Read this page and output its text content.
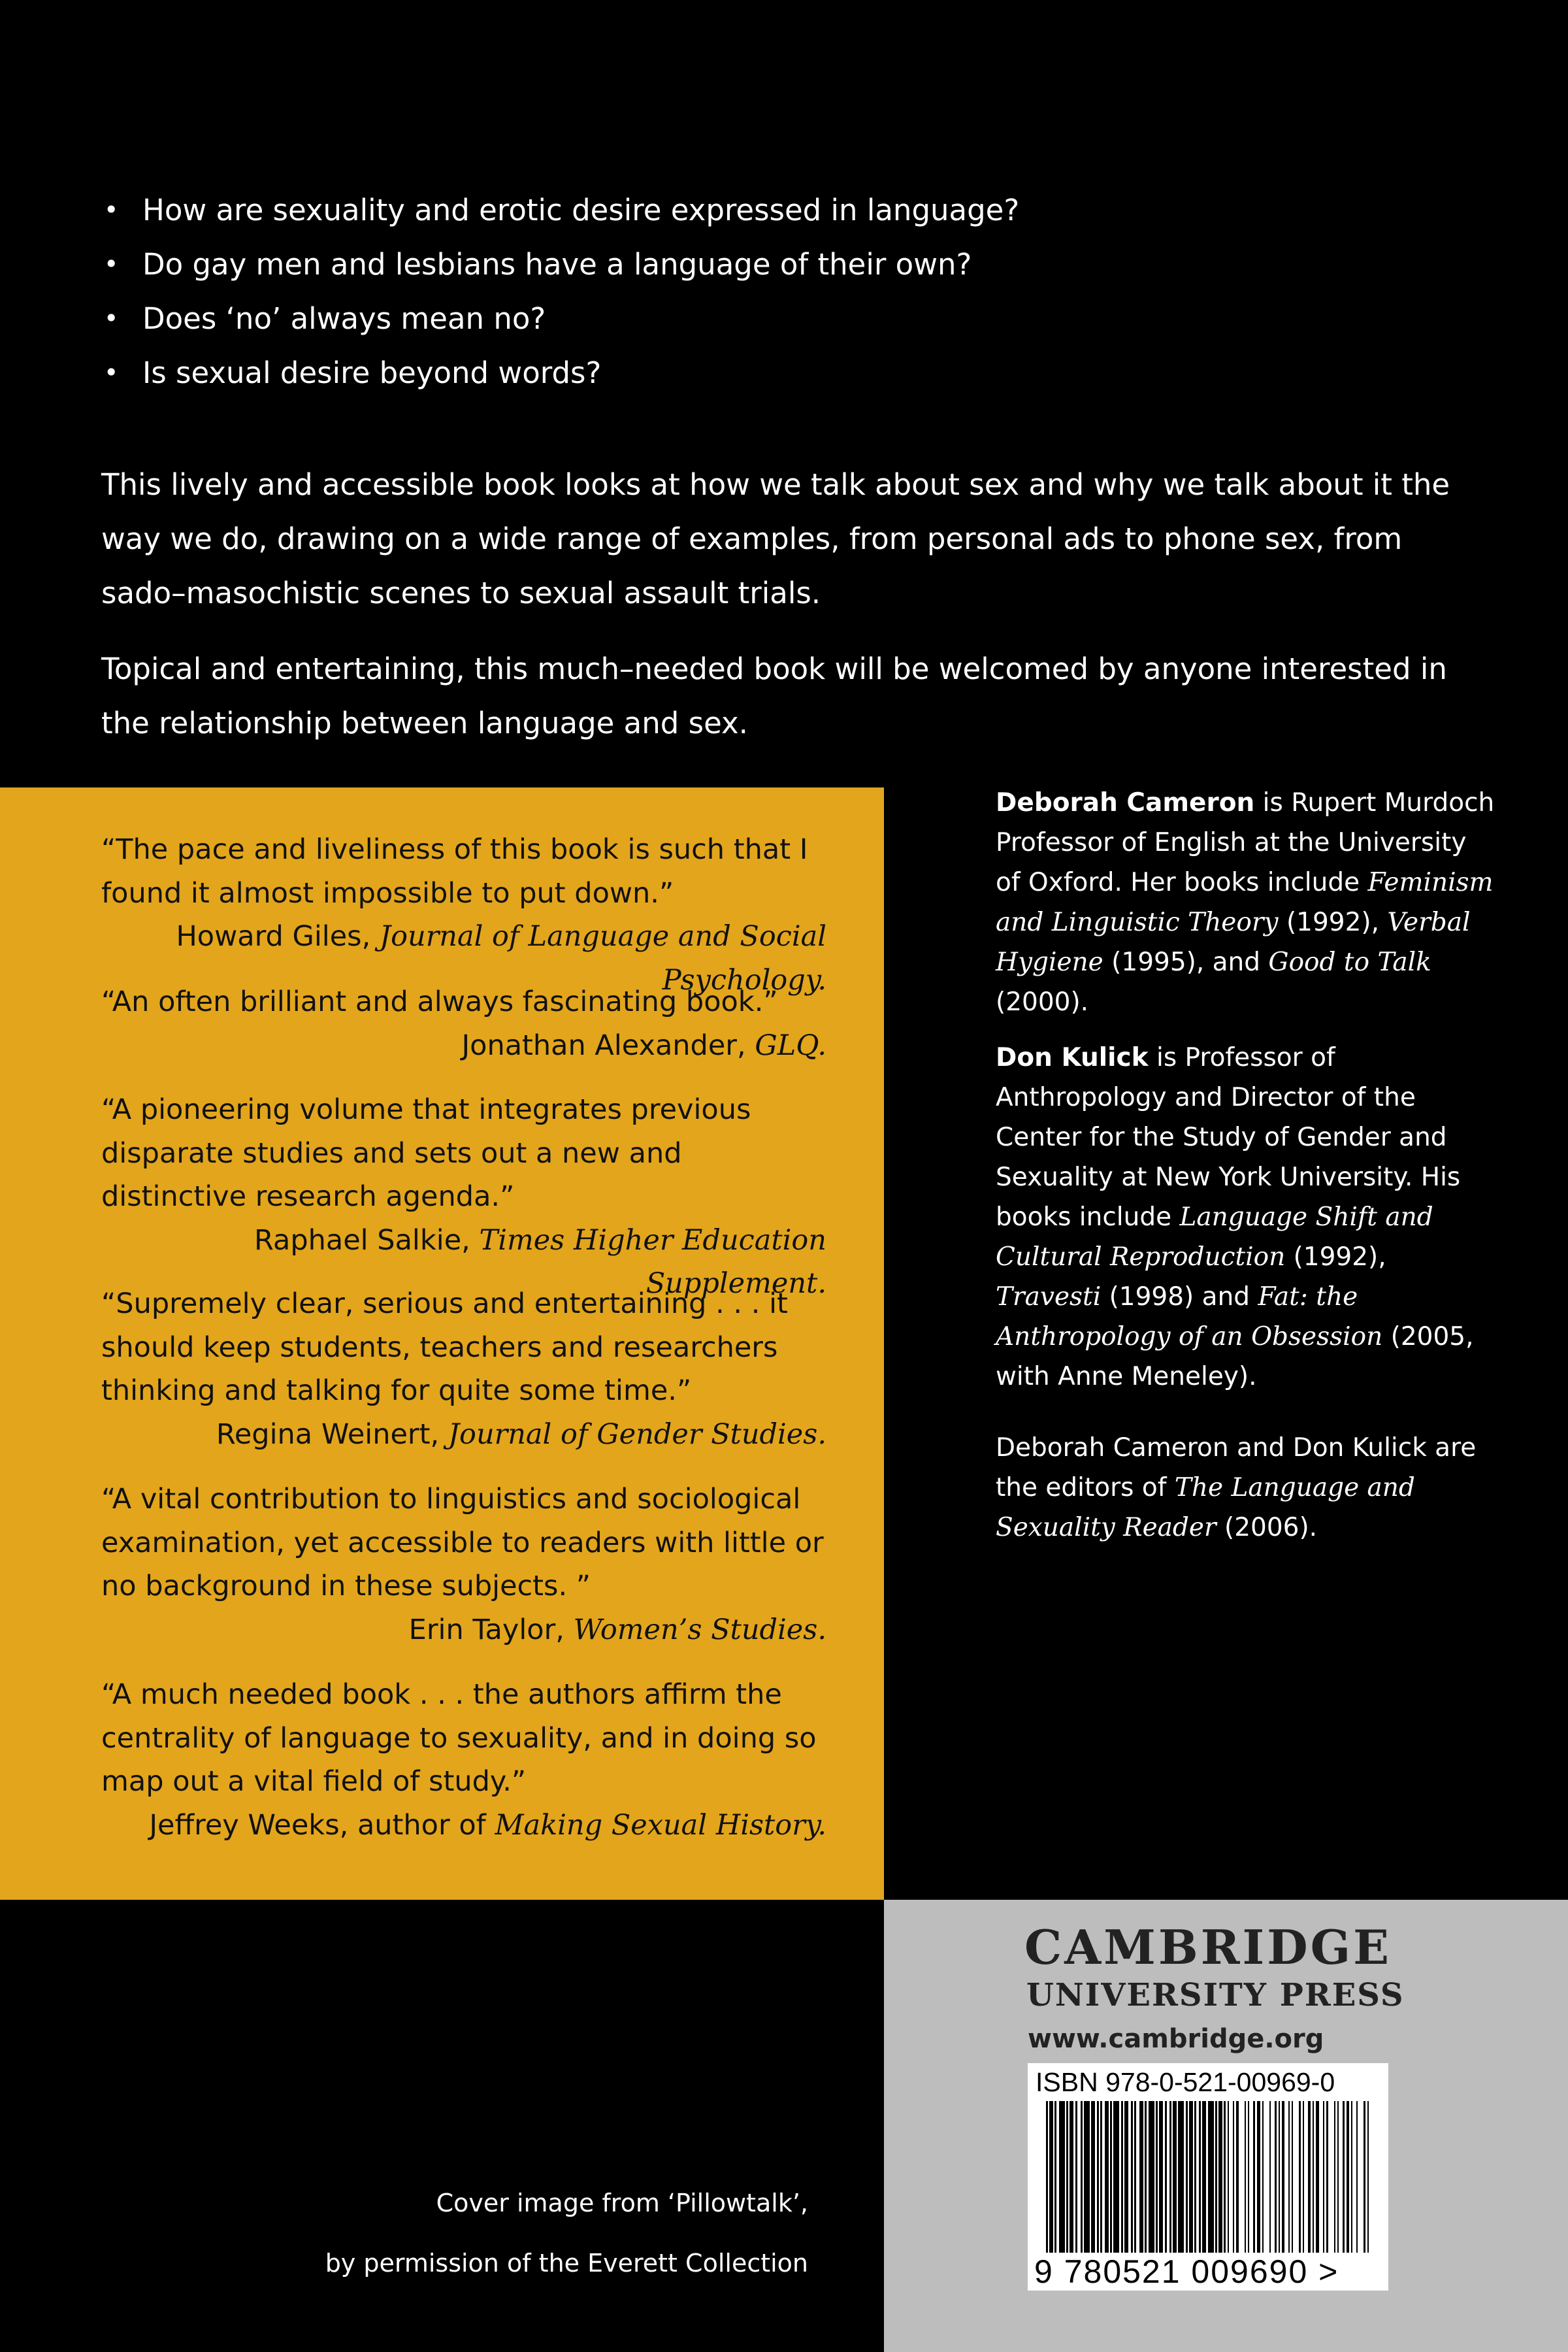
• How are sexuality and erotic desire expressed in language?
• Do gay men and lesbians have a language of their own?
• Does ‘no’ always mean no?
• Is sexual desire beyond words?

This lively and accessible book looks at how we talk about sex and why we talk about it the way we do, drawing on a wide range of examples, from personal ads to phone sex, from sado–masochistic scenes to sexual assault trials.

Topical and entertaining, this much–needed book will be welcomed by anyone interested in the relationship between language and sex.

“The pace and liveliness of this book is such that I found it almost impossible to put down.”
Howard Giles, Journal of Language and Social Psychology.
“An often brilliant and always fascinating book.”
Jonathan Alexander, GLQ.
“A pioneering volume that integrates previous disparate studies and sets out a new and distinctive research agenda.”
Raphael Salkie, Times Higher Education Supplement.
“Supremely clear, serious and entertaining . . . it should keep students, teachers and researchers thinking and talking for quite some time.”
Regina Weinert, Journal of Gender Studies.
“A vital contribution to linguistics and sociological examination, yet accessible to readers with little or no background in these subjects. ”
Erin Taylor, Women’s Studies.
“A much needed book . . . the authors affirm the centrality of language to sexuality, and in doing so map out a vital field of study.”
Jeffrey Weeks, author of Making Sexual History.

Deborah Cameron is Rupert Murdoch Professor of English at the University of Oxford. Her books include Feminism and Linguistic Theory (1992), Verbal Hygiene (1995), and Good to Talk (2000).

Don Kulick is Professor of Anthropology and Director of the Center for the Study of Gender and Sexuality at New York University. His books include Language Shift and Cultural Reproduction (1992), Travesti (1998) and Fat: the Anthropology of an Obsession (2005, with Anne Meneley).

Deborah Cameron and Don Kulick are the editors of The Language and Sexuality Reader (2006).

CAMBRIDGE
UNIVERSITY PRESS
www.cambridge.org
ISBN 978-0-521-00969-0
9 780521 009690 >
Cover image from ‘Pillowtalk’,
by permission of the Everett Collection
